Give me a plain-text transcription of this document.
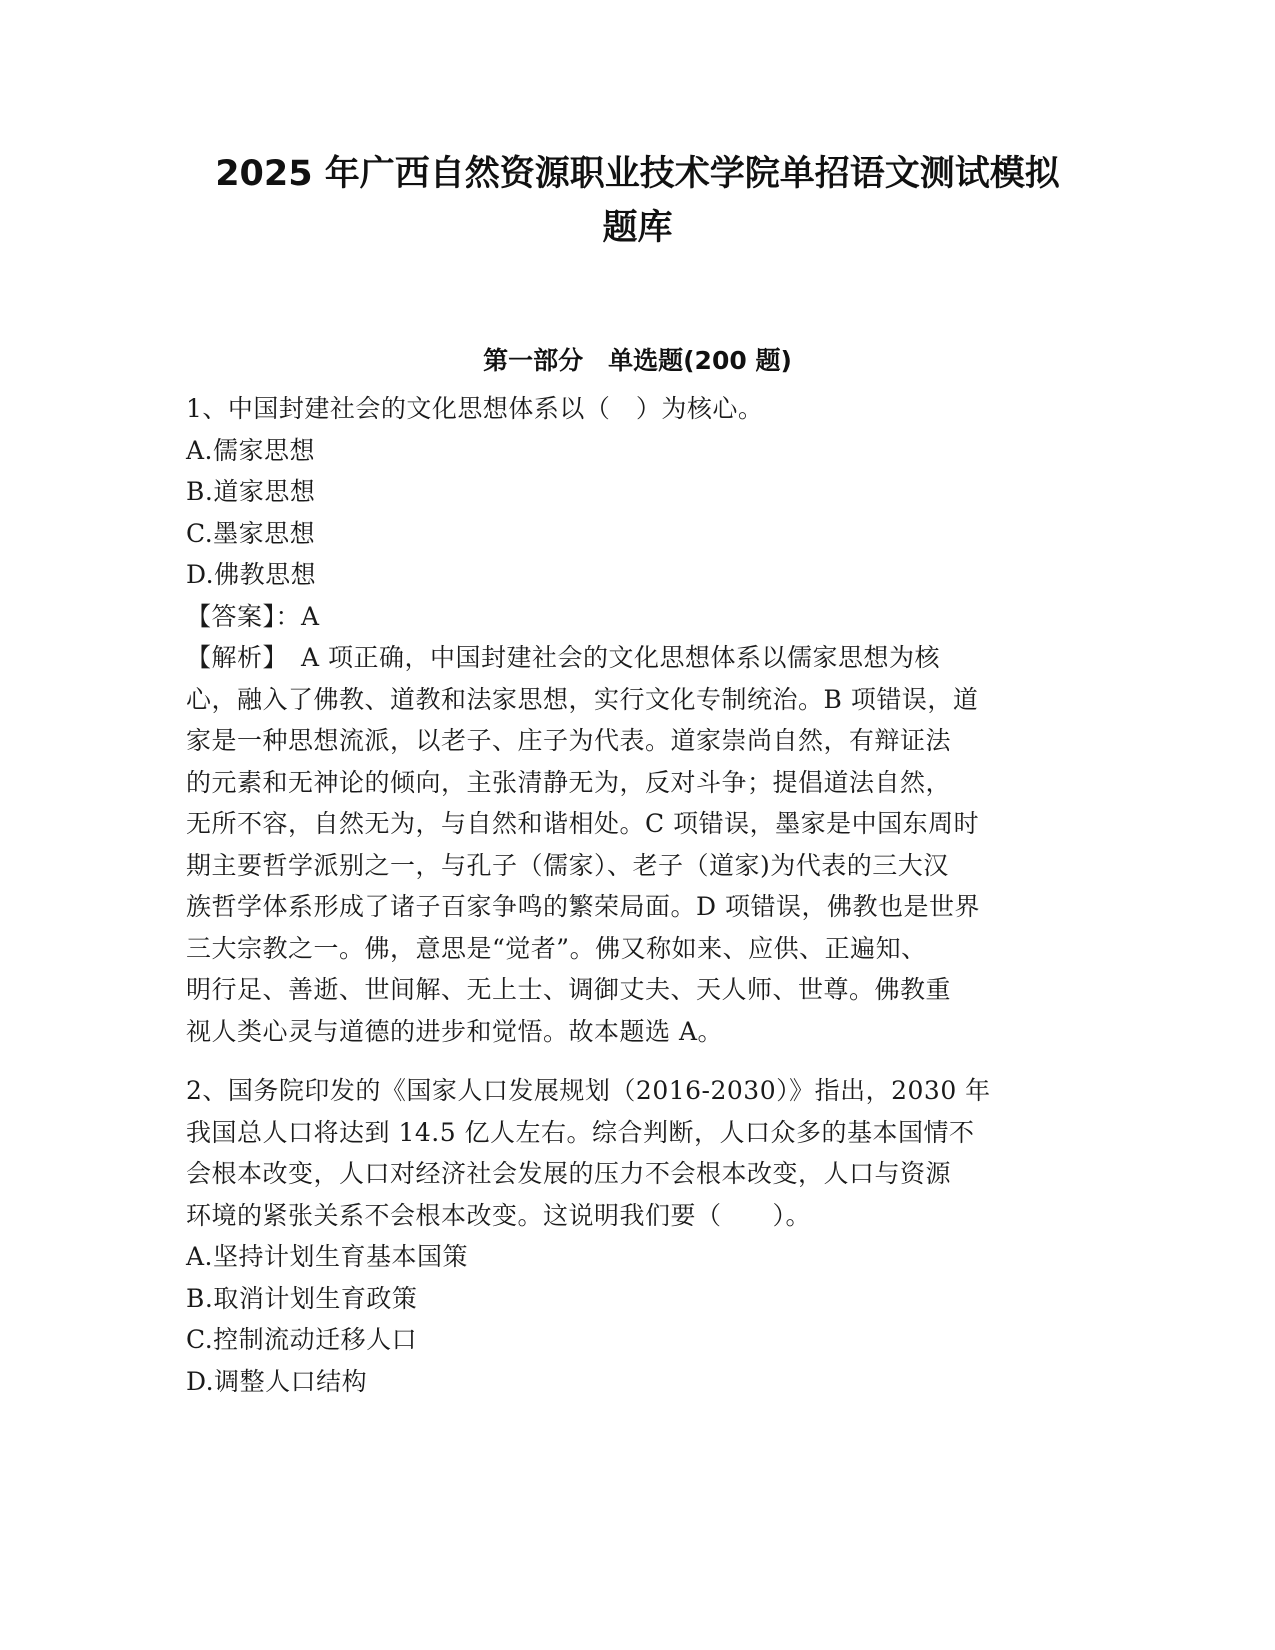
2025 年广西自然资源职业技术学院单招语文测试模拟
题库
第一部分　单选题(200 题)
1、中国封建社会的文化思想体系以（　）为核心。
A.儒家思想
B.道家思想
C.墨家思想
D.佛教思想
【答案】：A
【解析】　A 项正确，中国封建社会的文化思想体系以儒家思想为核
心，融入了佛教、道教和法家思想，实行文化专制统治。B 项错误，道
家是一种思想流派，以老子、庄子为代表。道家崇尚自然，有辩证法
的元素和无神论的倾向，主张清静无为，反对斗争；提倡道法自然，
无所不容，自然无为，与自然和谐相处。C 项错误，墨家是中国东周时
期主要哲学派别之一，与孔子（儒家）、老子（道家)为代表的三大汉
族哲学体系形成了诸子百家争鸣的繁荣局面。D 项错误，佛教也是世界
三大宗教之一。佛，意思是“觉者”。佛又称如来、应供、正遍知、
明行足、善逝、世间解、无上士、调御丈夫、天人师、世尊。佛教重
视人类心灵与道德的进步和觉悟。故本题选 A。
2、国务院印发的《国家人口发展规划（2016-2030）》指出，2030 年
我国总人口将达到 14.5 亿人左右。综合判断，人口众多的基本国情不
会根本改变，人口对经济社会发展的压力不会根本改变，人口与资源
环境的紧张关系不会根本改变。这说明我们要（　　）。
A.坚持计划生育基本国策
B.取消计划生育政策
C.控制流动迁移人口
D.调整人口结构
